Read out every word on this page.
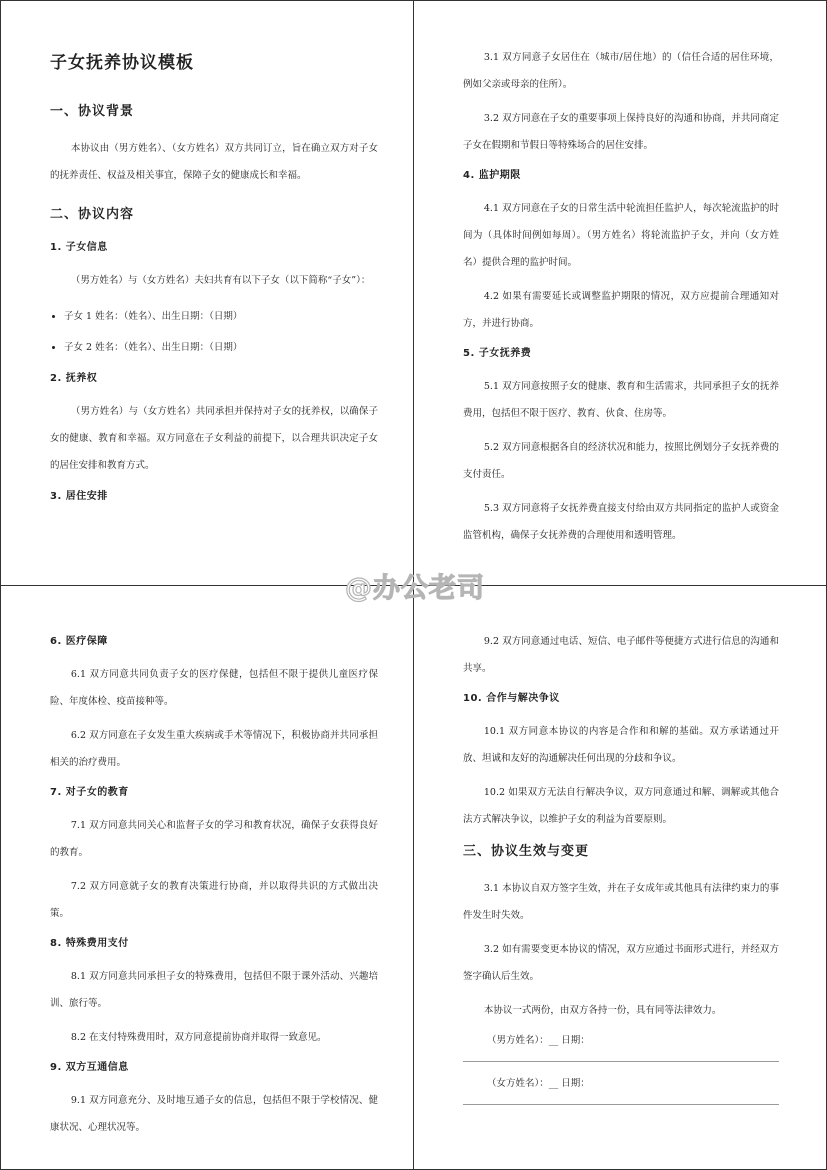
子女抚养协议模板
一、协议背景

本协议由（男方姓名）、（女方姓名）双方共同订立，旨在确立双方对子女的抚养责任、权益及相关事宜，保障子女的健康成长和幸福。

二、协议内容
1. 子女信息

（男方姓名）与（女方姓名）夫妇共育有以下子女（以下简称“子女”）：

• 子女 1 姓名：（姓名）、出生日期：（日期）
• 子女 2 姓名：（姓名）、出生日期：（日期）
2. 抚养权

（男方姓名）与（女方姓名）共同承担并保持对子女的抚养权，以确保子女的健康、教育和幸福。双方同意在子女利益的前提下，以合理共识决定子女的居住安排和教育方式。

3. 居住安排

3.1 双方同意子女居住在（城市/居住地）的（信任合适的居住环境，例如父亲或母亲的住所）。

3.2 双方同意在子女的重要事项上保持良好的沟通和协商，并共同商定子女在假期和节假日等特殊场合的居住安排。

4. 监护期限

4.1 双方同意在子女的日常生活中轮流担任监护人，每次轮流监护的时间为（具体时间例如每周）。（男方姓名）将轮流监护子女，并向（女方姓名）提供合理的监护时间。

4.2 如果有需要延长或调整监护期限的情况，双方应提前合理通知对方，并进行协商。

5. 子女抚养费

5.1 双方同意按照子女的健康、教育和生活需求，共同承担子女的抚养费用，包括但不限于医疗、教育、伙食、住房等。

5.2 双方同意根据各自的经济状况和能力，按照比例划分子女抚养费的支付责任。

5.3 双方同意将子女抚养费直接支付给由双方共同指定的监护人或资金监管机构，确保子女抚养费的合理使用和透明管理。

6. 医疗保障

6.1 双方同意共同负责子女的医疗保健，包括但不限于提供儿童医疗保险、年度体检、疫苗接种等。

6.2 双方同意在子女发生重大疾病或手术等情况下，积极协商并共同承担相关的治疗费用。

7. 对子女的教育

7.1 双方同意共同关心和监督子女的学习和教育状况，确保子女获得良好的教育。

7.2 双方同意就子女的教育决策进行协商，并以取得共识的方式做出决策。

8. 特殊费用支付

8.1 双方同意共同承担子女的特殊费用，包括但不限于课外活动、兴趣培训、旅行等。

8.2 在支付特殊费用时，双方同意提前协商并取得一致意见。

9. 双方互通信息

9.1 双方同意充分、及时地互通子女的信息，包括但不限于学校情况、健康状况、心理状况等。

9.2 双方同意通过电话、短信、电子邮件等便捷方式进行信息的沟通和共享。

10. 合作与解决争议

10.1 双方同意本协议的内容是合作和和解的基础。双方承诺通过开放、坦诚和友好的沟通解决任何出现的分歧和争议。

10.2 如果双方无法自行解决争议，双方同意通过和解、调解或其他合法方式解决争议，以维护子女的利益为首要原则。

三、协议生效与变更

3.1 本协议自双方签字生效，并在子女成年或其他具有法律约束力的事件发生时失效。

3.2 如有需要变更本协议的情况，双方应通过书面形式进行，并经双方签字确认后生效。

本协议一式两份，由双方各持一份，具有同等法律效力。

（男方姓名）：__ 日期：
（女方姓名）：__ 日期：
@办公老司
